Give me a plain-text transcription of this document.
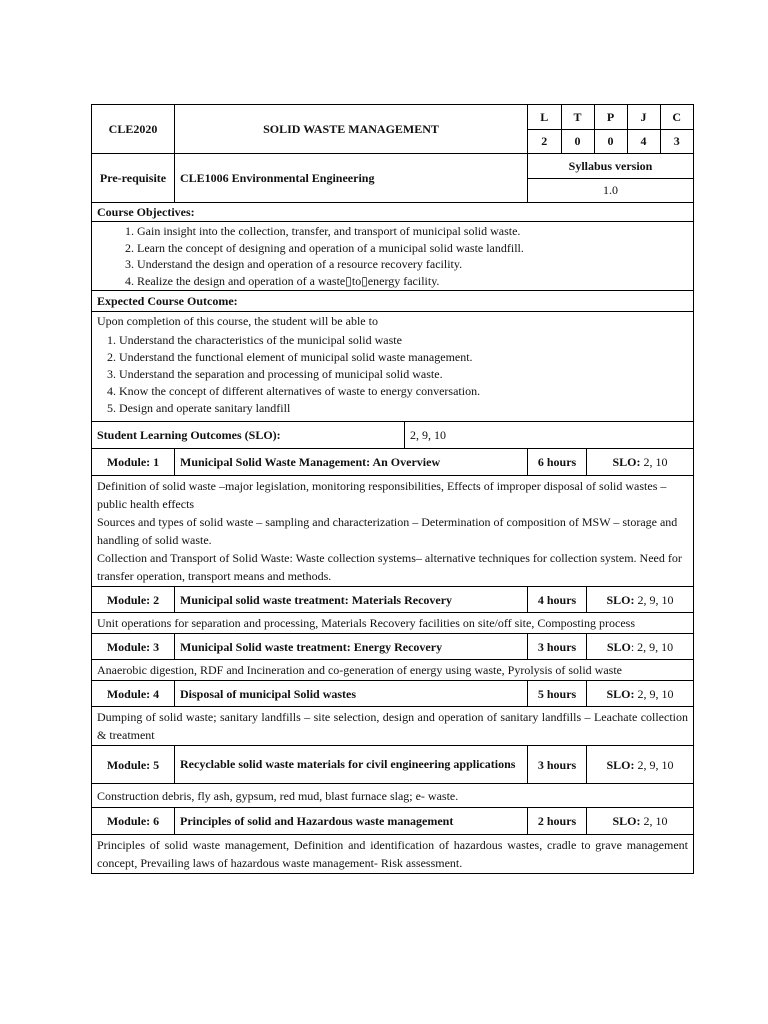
CLE2020	SOLID WASTE MANAGEMENT	
L	T	P	J	C
2	0	0	4	3

Pre-requisite	CLE1006 Environmental Engineering	
Syllabus version
1.0

Course Objectives:

1. Gain insight into the collection, transfer, and transport of municipal solid waste.
2. Learn the concept of designing and operation of a municipal solid waste landfill.
3. Understand the design and operation of a resource recovery facility.
4. Realize the design and operation of a waste▯to▯energy facility.

Expected Course Outcome:

Upon completion of this course, the student will be able to
1. Understand the characteristics of the municipal solid waste
2. Understand the functional element of municipal solid waste management.
3. Understand the separation and processing of municipal solid waste.
4. Know the concept of different alternatives of waste to energy conversation.
5. Design and operate sanitary landfill

Student Learning Outcomes (SLO):	2, 9, 10
Module: 1	Municipal Solid Waste Management: An Overview	6 hours	SLO: 2, 10

Definition of solid waste –major legislation, monitoring responsibilities, Effects of improper disposal of solid wastes – public health effects
Sources and types of solid waste – sampling and characterization – Determination of composition of MSW – storage and handling of solid waste.
Collection and Transport of Solid Waste: Waste collection systems– alternative techniques for collection system. Need for transfer operation, transport means and methods.

Module: 2	Municipal solid waste treatment: Materials Recovery	4 hours	SLO: 2, 9, 10
Unit operations for separation and processing, Materials Recovery facilities on site/off site, Composting process
Module: 3	Municipal Solid waste treatment: Energy Recovery	3 hours	SLO: 2, 9, 10
Anaerobic digestion, RDF and Incineration and co-generation of energy using waste, Pyrolysis of solid waste
Module: 4	Disposal of municipal Solid wastes	5 hours	SLO: 2, 9, 10
Dumping of solid waste; sanitary landfills – site selection, design and operation of sanitary landfills – Leachate collection & treatment
Module: 5	Recyclable solid waste materials for civil engineering applications	3 hours	SLO: 2, 9, 10
Construction debris, fly ash, gypsum, red mud, blast furnace slag; e- waste.
Module: 6	Principles of solid and Hazardous waste management	2 hours	SLO: 2, 10
Principles of solid waste management, Definition and identification of hazardous wastes, cradle to grave management concept, Prevailing laws of hazardous waste management- Risk assessment.
